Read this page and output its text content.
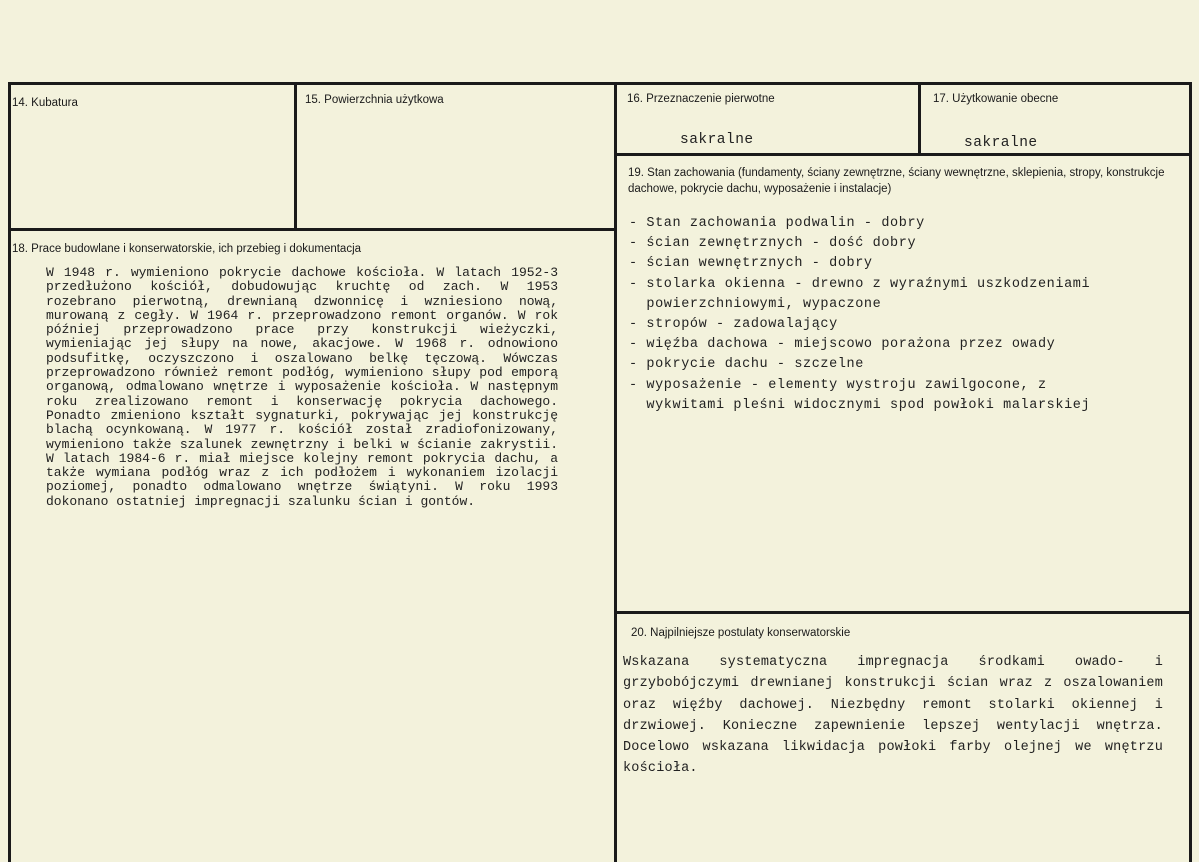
14. Kubatura	15. Powierzchnia użytkowa	16. Przeznaczenie pierwotne
sakralne
17. Użytkowanie obecne
sakralne
18. Prace budowlane i konserwatorskie, ich przebieg i dokumentacja

W 1948 r. wymieniono pokrycie dachowe kościoła. W latach 1952-3 przedłużono kościół, dobudowując kruchtę od zach. W 1953 rozebrano pierwotną, drewnianą dzwonnicę i wzniesiono nową, murowaną z cegły. W 1964 r. przeprowadzono remont organów. W rok później przeprowadzono prace przy konstrukcji wieżyczki, wymieniając jej słupy na nowe, akacjowe. W 1968 r. odnowiono podsufitkę, oczyszczono i oszalowano belkę tęczową. Wówczas przeprowadzono również remont podłóg, wymieniono słupy pod emporą organową, odmalowano wnętrze i wyposażenie kościoła. W następnym roku zrealizowano remont i konserwację pokrycia dachowego. Ponadto zmieniono kształt sygnaturki, pokrywając jej konstrukcję blachą ocynkowaną. W 1977 r. kościół został zradiofonizowany, wymieniono także szalunek zewnętrzny i belki w ścianie zakrystii. W latach 1984-6 r. miał miejsce kolejny remont pokrycia dachu, a także wymiana podłóg wraz z ich podłożem i wykonaniem izolacji poziomej, ponadto odmalowano wnętrze świątyni. W roku 1993 dokonano ostatniej impregnacji szalunku ścian i gontów.

19. Stan zachowania (fundamenty, ściany zewnętrzne, ściany wewnętrzne, sklepienia, stropy, konstrukcje dachowe, pokrycie dachu, wyposażenie i instalacje)
- Stan zachowania podwalin - dobry
- ścian zewnętrznych - dość dobry
- ścian wewnętrznych - dobry
- stolarka okienna - drewno z wyraźnymi uszkodzeniami
powierzchniowymi, wypaczone
- stropów - zadowalający
- więźba dachowa - miejscowo porażona przez owady
- pokrycie dachu - szczelne
- wyposażenie - elementy wystroju zawilgocone, z
wykwitami pleśni widocznymi spod powłoki malarskiej
20. Najpilniejsze postulaty konserwatorskie

Wskazana systematyczna impregnacja środkami owado- i grzybobójczymi drewnianej konstrukcji ścian wraz z oszalowaniem oraz więźby dachowej. Niezbędny remont stolarki okiennej i drzwiowej. Konieczne zapewnienie lepszej wentylacji wnętrza. Docelowo wskazana likwidacja powłoki farby olejnej we wnętrzu kościoła.
